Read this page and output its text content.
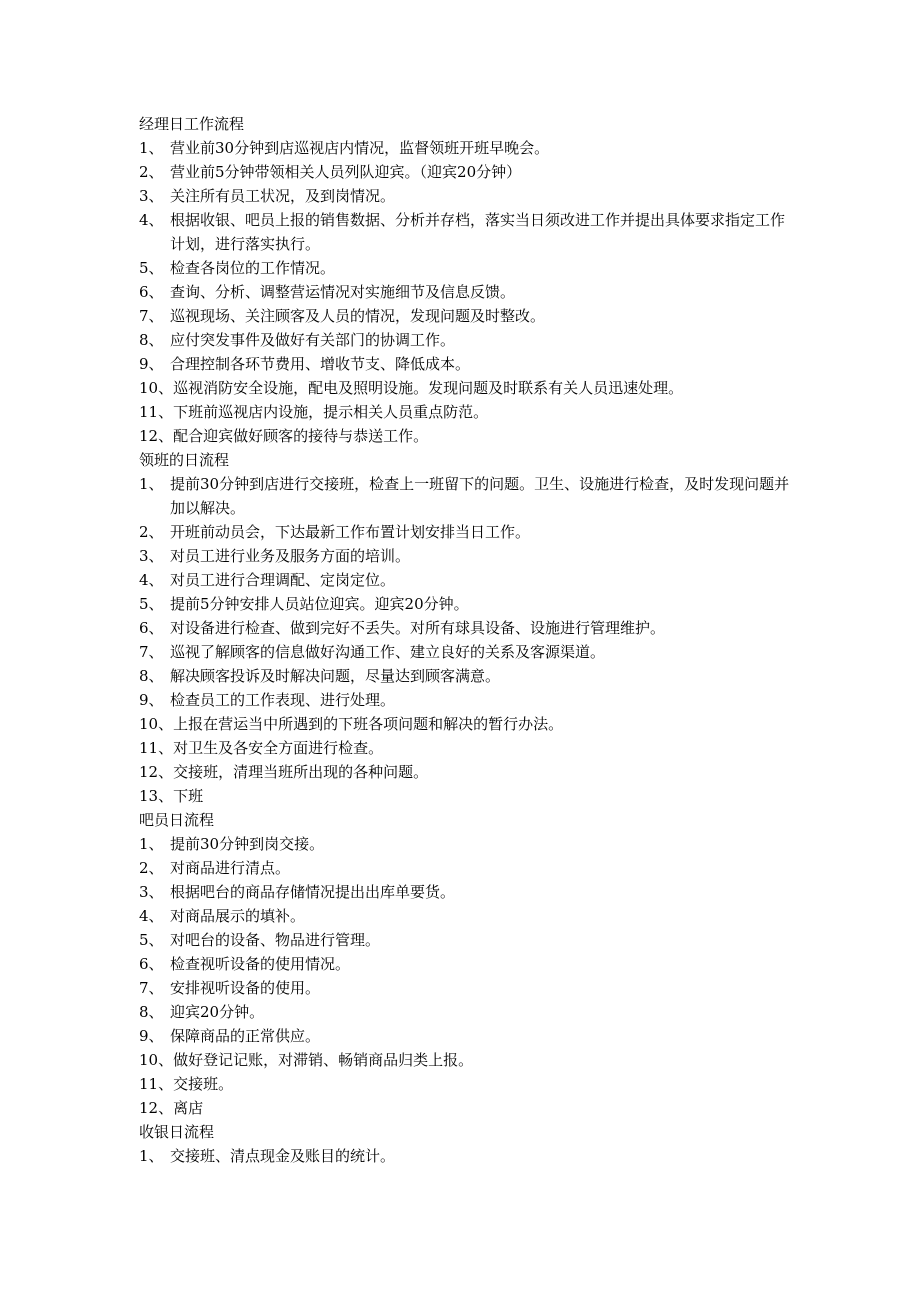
经理日工作流程
1、 营业前30分钟到店巡视店内情况，监督领班开班早晚会。
2、 营业前5分钟带领相关人员列队迎宾。（迎宾20分钟）
3、 关注所有员工状况，及到岗情况。
4、 根据收银、吧员上报的销售数据、分析并存档，落实当日须改进工作并提出具体要求指定工作计划，进行落实执行。
5、 检查各岗位的工作情况。
6、 查询、分析、调整营运情况对实施细节及信息反馈。
7、 巡视现场、关注顾客及人员的情况，发现问题及时整改。
8、 应付突发事件及做好有关部门的协调工作。
9、 合理控制各环节费用、增收节支、降低成本。
10、 巡视消防安全设施，配电及照明设施。发现问题及时联系有关人员迅速处理。
11、 下班前巡视店内设施，提示相关人员重点防范。
12、 配合迎宾做好顾客的接待与恭送工作。
领班的日流程
1、 提前30分钟到店进行交接班，检查上一班留下的问题。卫生、设施进行检查，及时发现问题并加以解决。
2、 开班前动员会，下达最新工作布置计划安排当日工作。
3、 对员工进行业务及服务方面的培训。
4、 对员工进行合理调配、定岗定位。
5、 提前5分钟安排人员站位迎宾。迎宾20分钟。
6、 对设备进行检查、做到完好不丢失。对所有球具设备、设施进行管理维护。
7、 巡视了解顾客的信息做好沟通工作、建立良好的关系及客源渠道。
8、 解决顾客投诉及时解决问题，尽量达到顾客满意。
9、 检查员工的工作表现、进行处理。
10、 上报在营运当中所遇到的下班各项问题和解决的暂行办法。
11、 对卫生及各安全方面进行检查。
12、 交接班，清理当班所出现的各种问题。
13、 下班
吧员日流程
1、 提前30分钟到岗交接。
2、 对商品进行清点。
3、 根据吧台的商品存储情况提出出库单要货。
4、 对商品展示的填补。
5、 对吧台的设备、物品进行管理。
6、 检查视听设备的使用情况。
7、 安排视听设备的使用。
8、 迎宾20分钟。
9、 保障商品的正常供应。
10、 做好登记记账，对滞销、畅销商品归类上报。
11、 交接班。
12、 离店
收银日流程
1、 交接班、清点现金及账目的统计。
